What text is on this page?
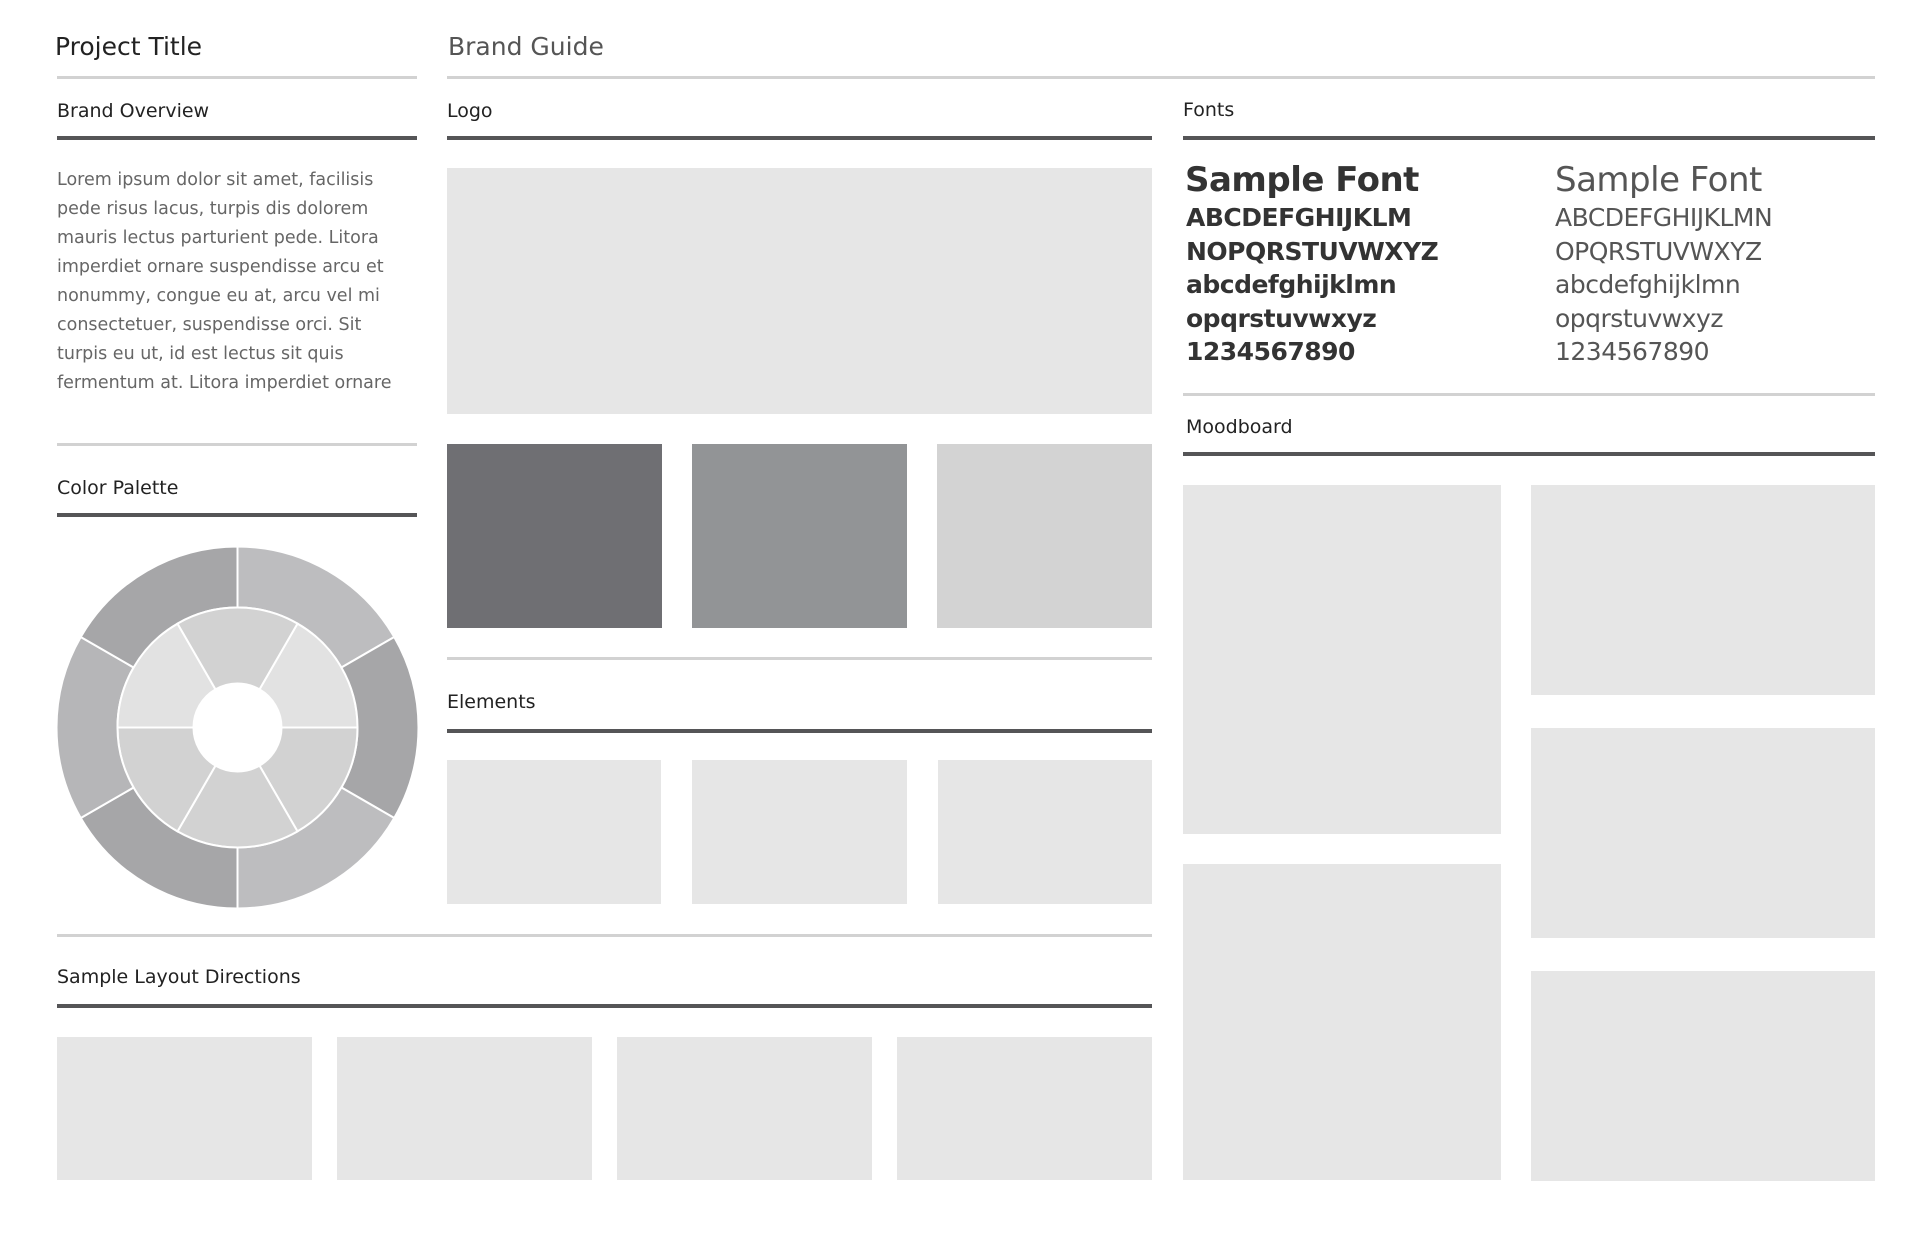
Project Title	Brand Guide
Brand Overview
Lorem ipsum dolor sit amet, facilisis
pede risus lacus, turpis dis dolorem
mauris lectus parturient pede. Litora
imperdiet ornare suspendisse arcu et
nonummy, congue eu at, arcu vel mi
consectetuer, suspendisse orci. Sit
turpis eu ut, id est lectus sit quis
fermentum at. Litora imperdiet ornare
Color Palette
Logo
Elements
Sample Layout Directions
Fonts
Sample Font
ABCDEFGHIJKLM
NOPQRSTUVWXYZ
abcdefghijklmn
opqrstuvwxyz
1234567890
Sample Font
ABCDEFGHIJKLMN
OPQRSTUVWXYZ
abcdefghijklmn
opqrstuvwxyz
1234567890
Moodboard
